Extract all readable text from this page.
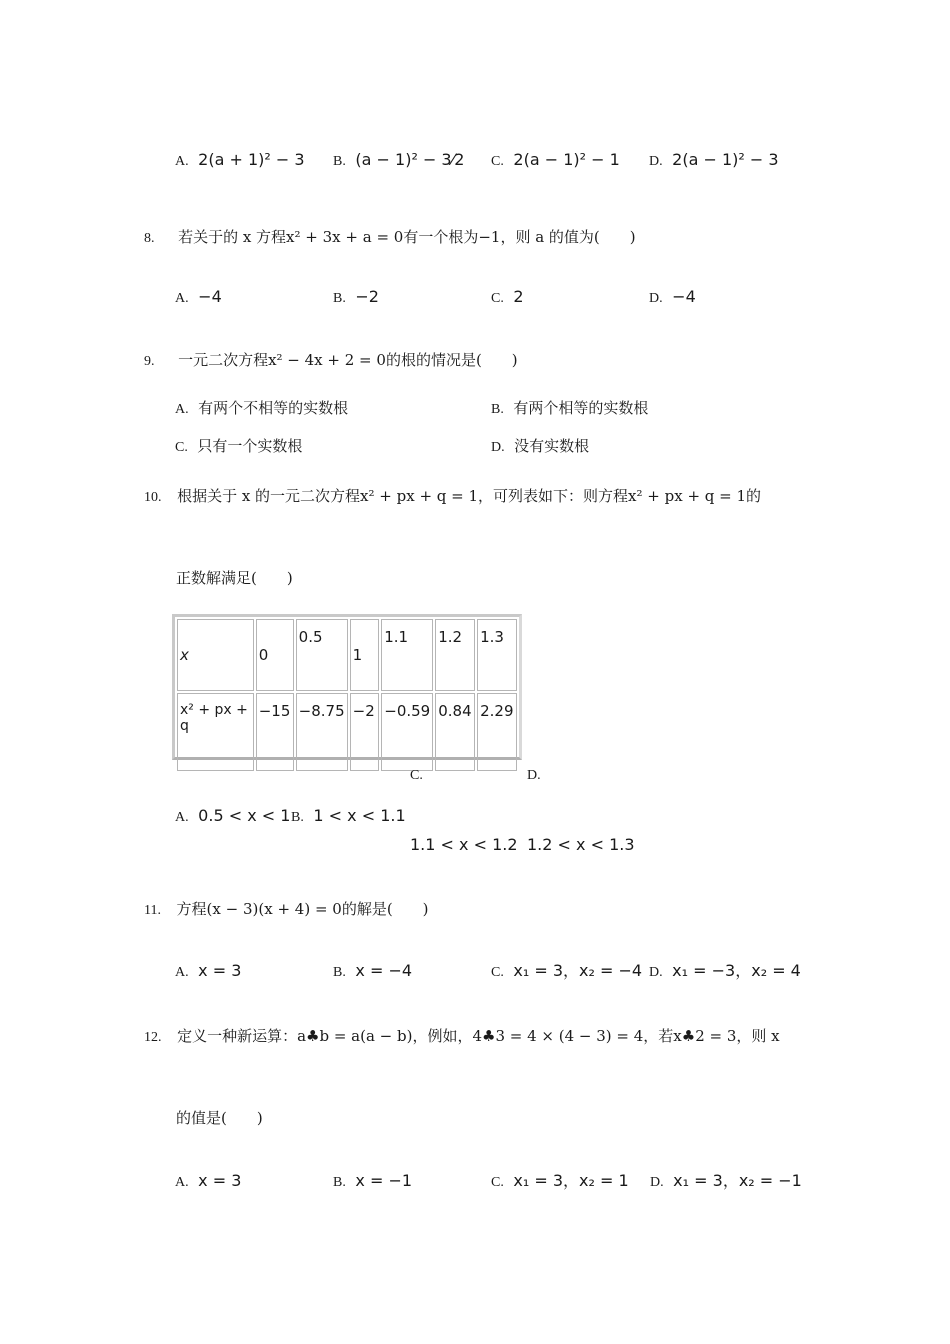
A. 2(a + 1)² − 3 B. (a − 1)² − 3⁄2 C. 2(a − 1)² − 1 D. 2(a − 1)² − 3
8. 若关于的 x 方程x² + 3x + a = 0有一个根为−1，则 a 的值为(　　)
A. −4	B. −2	C. 2	D. −4
9. 一元二次方程x² − 4x + 2 = 0的根的情况是(　　)
A. 有两个不相等的实数根	B. 有两个相等的实数根
C. 只有一个实数根	D. 没有实数根
10. 根据关于 x 的一元二次方程x² + px + q = 1，可列表如下：则方程x² + px + q = 1的
正数解满足(　　)
x	0	0.5	1	1.1	1.2	1.3
x² + px + q	−15	−8.75	−2	−0.59	0.84	2.29
C.	D.
A. 0.5 < x < 1 B. 1 < x < 1.1
1.1 < x < 1.2 1.2 < x < 1.3
11. 方程(x − 3)(x + 4) = 0的解是(　　)
A. x = 3	B. x = −4	C. x₁ = 3，x₂ = −4 D. x₁ = −3，x₂ = 4
12. 定义一种新运算：a♣b = a(a − b)，例如，4♣3 = 4 × (4 − 3) = 4，若x♣2 = 3，则 x
的值是(　　)
A. x = 3	B. x = −1	C. x₁ = 3，x₂ = 1 D. x₁ = 3，x₂ = −1
